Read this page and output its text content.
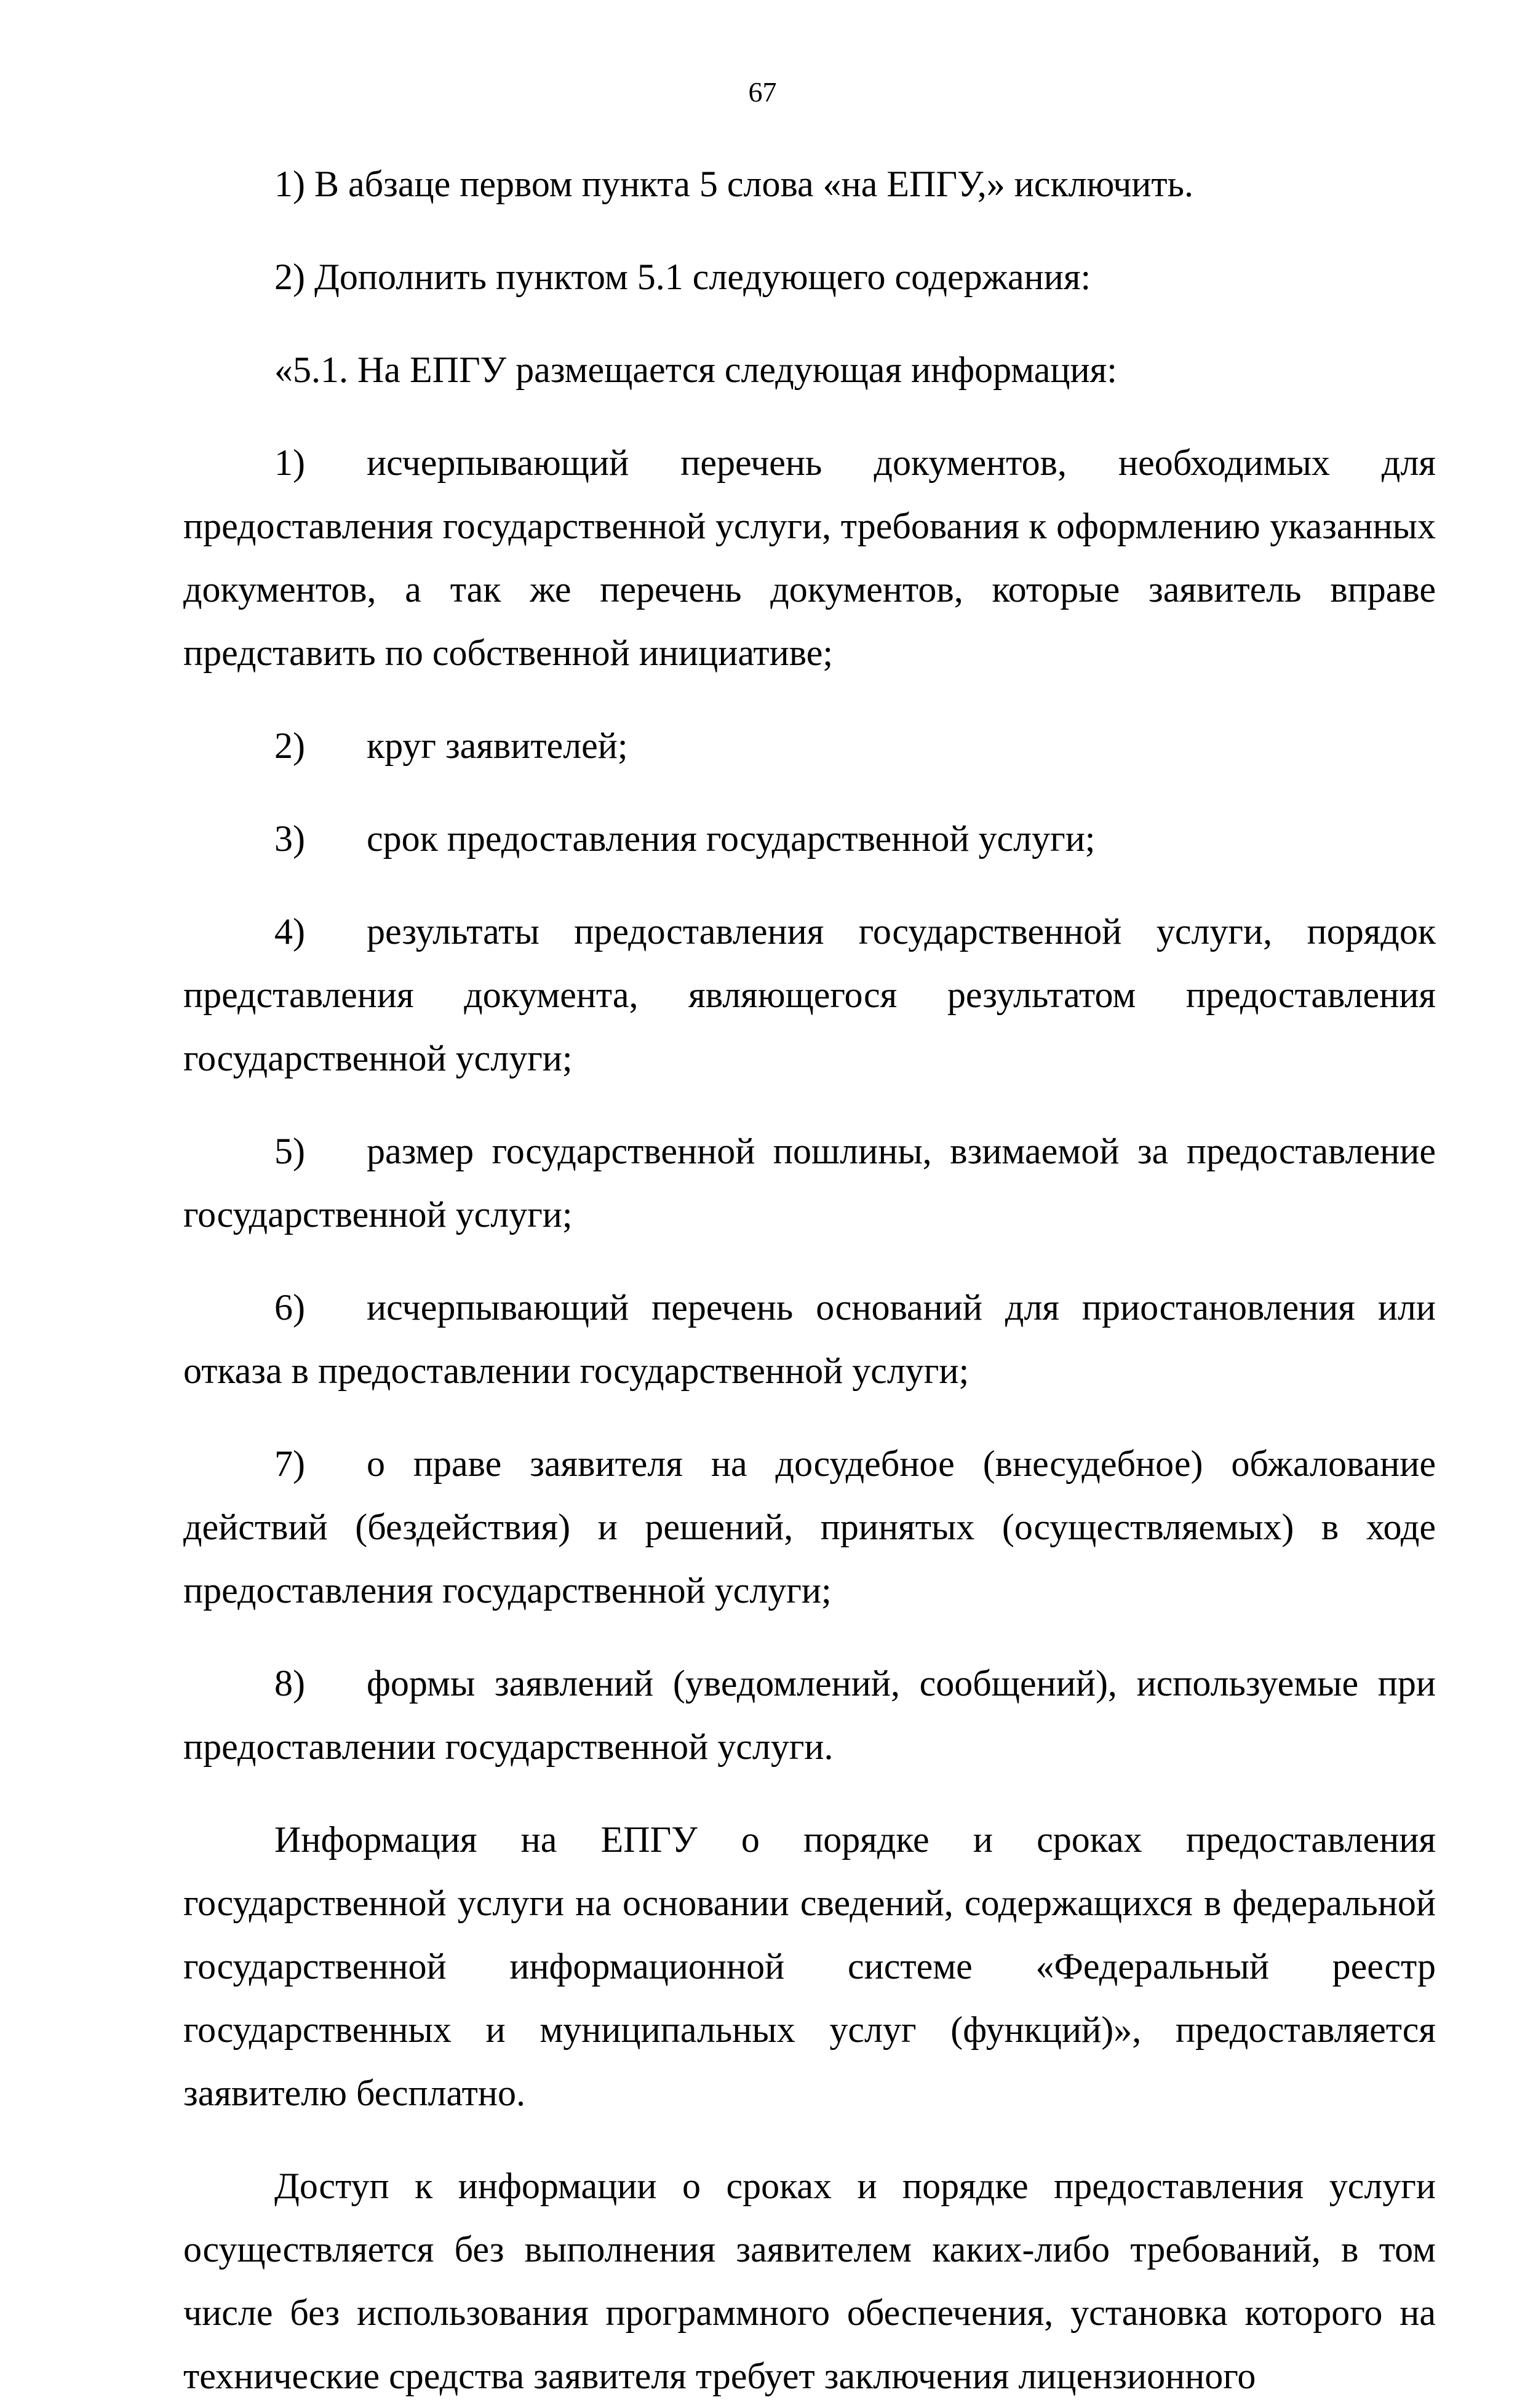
67

1) В абзаце первом пункта 5 слова «на ЕПГУ,» исключить.

2) Дополнить пунктом 5.1 следующего содержания:

«5.1. На ЕПГУ размещается следующая информация:

1) исчерпывающий перечень документов, необходимых для предоставления государственной услуги, требования к оформлению указанных документов, а так же перечень документов, которые заявитель вправе представить по собственной инициативе;

2) круг заявителей;

3) срок предоставления государственной услуги;

4) результаты предоставления государственной услуги, порядок представления документа, являющегося результатом предоставления государственной услуги;

5) размер государственной пошлины, взимаемой за предоставление государственной услуги;

6) исчерпывающий перечень оснований для приостановления или отказа в предоставлении государственной услуги;

7) о праве заявителя на досудебное (внесудебное) обжалование действий (бездействия) и решений, принятых (осуществляемых) в ходе предоставления государственной услуги;

8) формы заявлений (уведомлений, сообщений), используемые при предоставлении государственной услуги.

Информация на ЕПГУ о порядке и сроках предоставления государственной услуги на основании сведений, содержащихся в федеральной государственной информационной системе «Федеральный реестр государственных и муниципальных услуг (функций)», предоставляется заявителю бесплатно.

Доступ к информации о сроках и порядке предоставления услуги осуществляется без выполнения заявителем каких-либо требований, в том числе без использования программного обеспечения, установка которого на технические средства заявителя требует заключения лицензионного
